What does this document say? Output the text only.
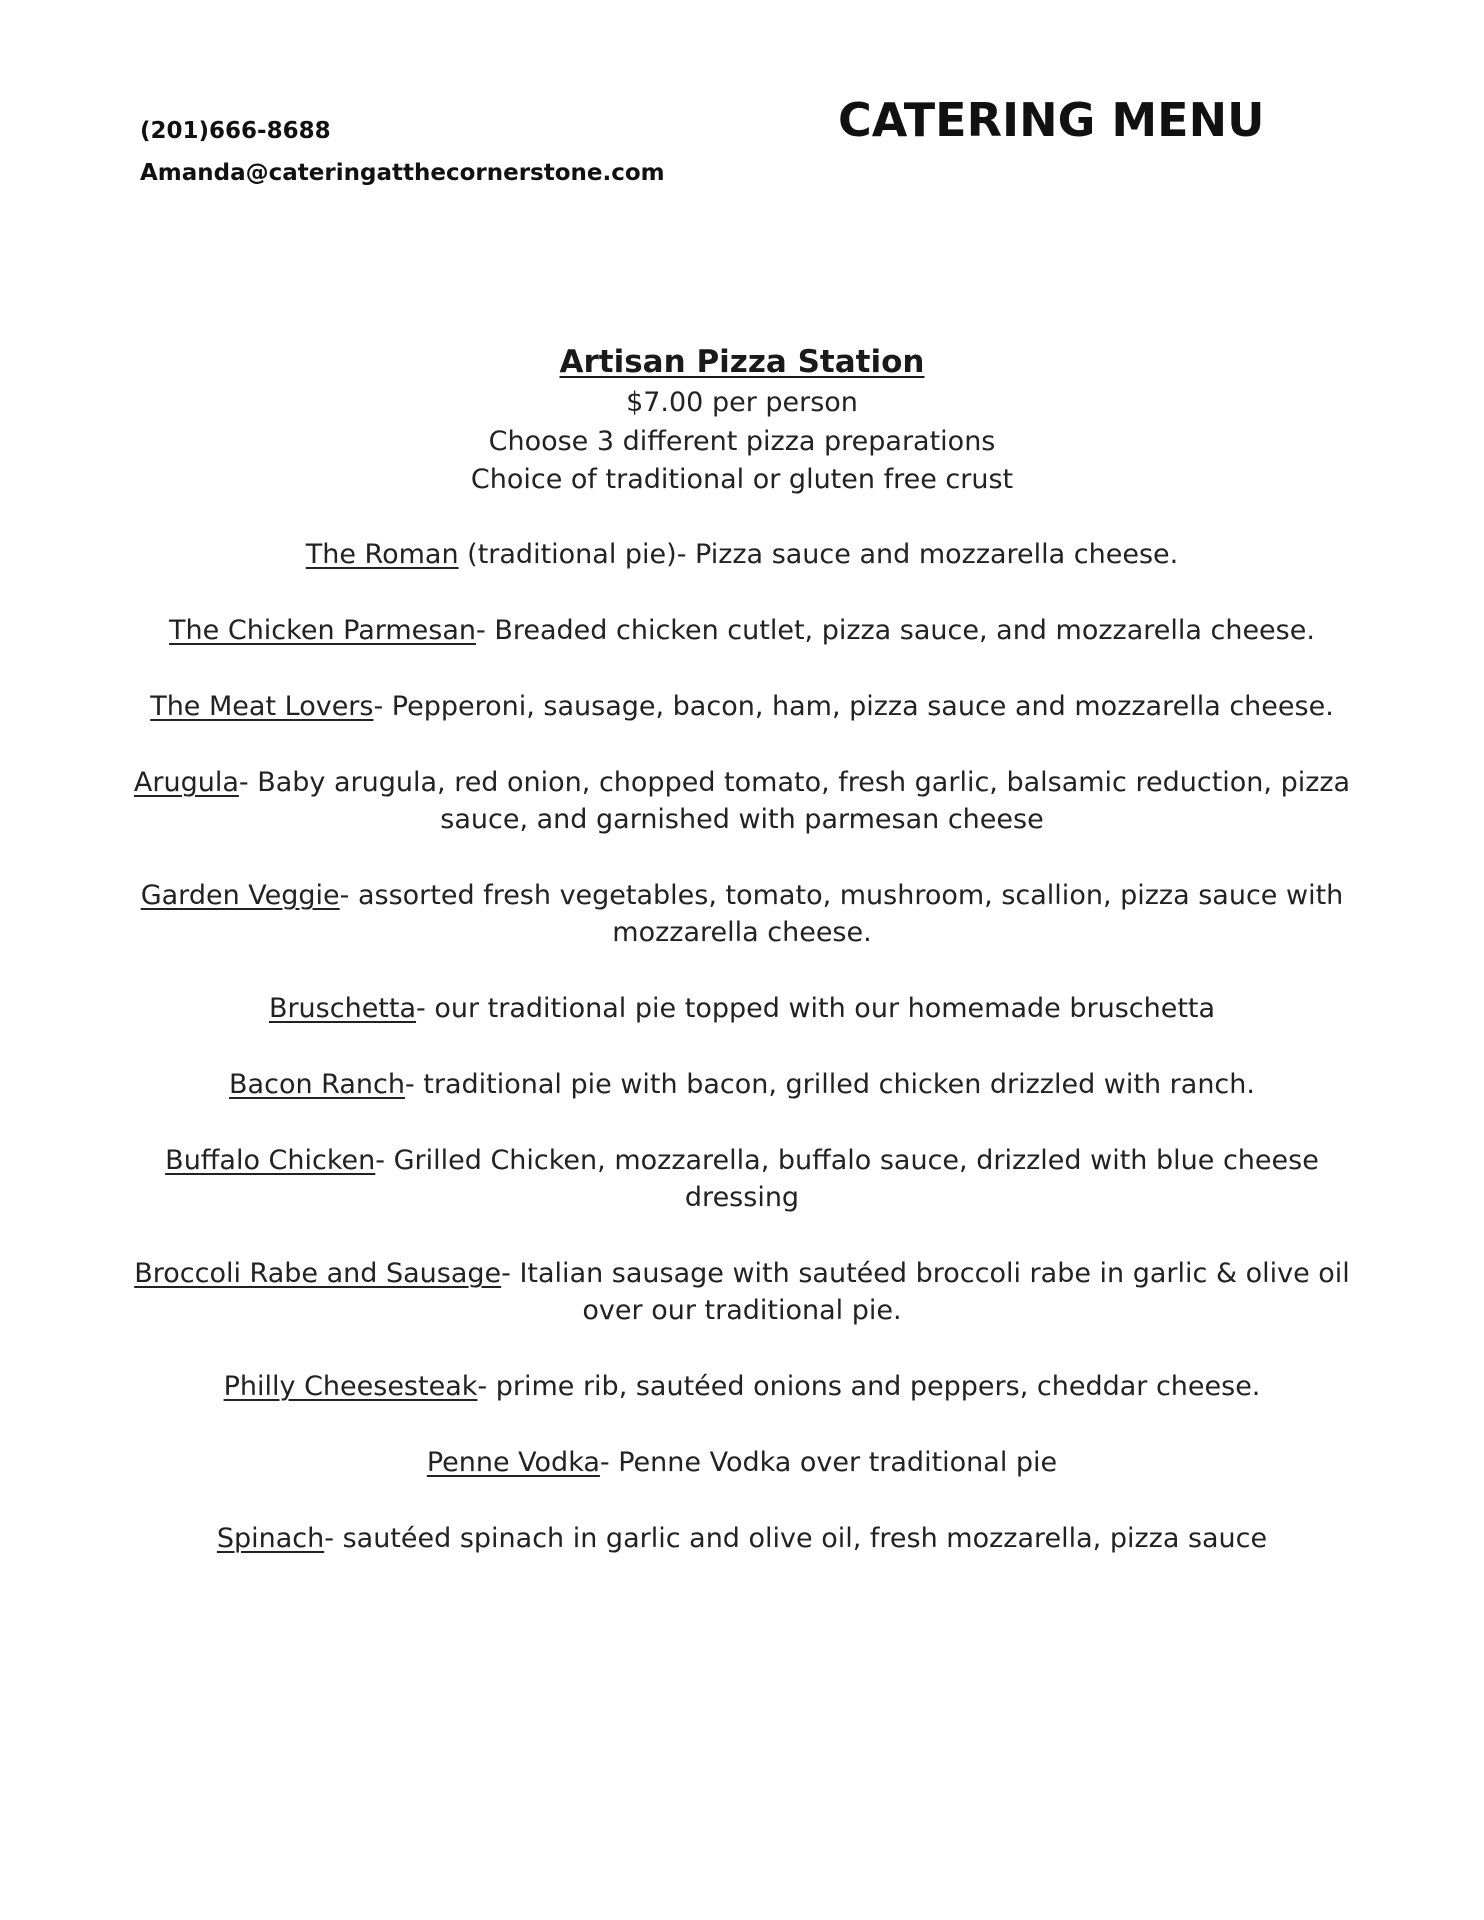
(201)666-8688
Amanda@cateringatthecornerstone.com
CATERING MENU
Artisan Pizza Station
$7.00 per person
Choose 3 different pizza preparations
Choice of traditional or gluten free crust
The Roman (traditional pie)- Pizza sauce and mozzarella cheese.
The Chicken Parmesan- Breaded chicken cutlet, pizza sauce, and mozzarella cheese.
The Meat Lovers- Pepperoni, sausage, bacon, ham, pizza sauce and mozzarella cheese.
Arugula- Baby arugula, red onion, chopped tomato, fresh garlic, balsamic reduction, pizza sauce, and garnished with parmesan cheese
Garden Veggie- assorted fresh vegetables, tomato, mushroom, scallion, pizza sauce with mozzarella cheese.
Bruschetta- our traditional pie topped with our homemade bruschetta
Bacon Ranch- traditional pie with bacon, grilled chicken drizzled with ranch.
Buffalo Chicken- Grilled Chicken, mozzarella, buffalo sauce, drizzled with blue cheese dressing
Broccoli Rabe and Sausage- Italian sausage with sautéed broccoli rabe in garlic & olive oil over our traditional pie.
Philly Cheesesteak- prime rib, sautéed onions and peppers, cheddar cheese.
Penne Vodka- Penne Vodka over traditional pie
Spinach- sautéed spinach in garlic and olive oil, fresh mozzarella, pizza sauce
